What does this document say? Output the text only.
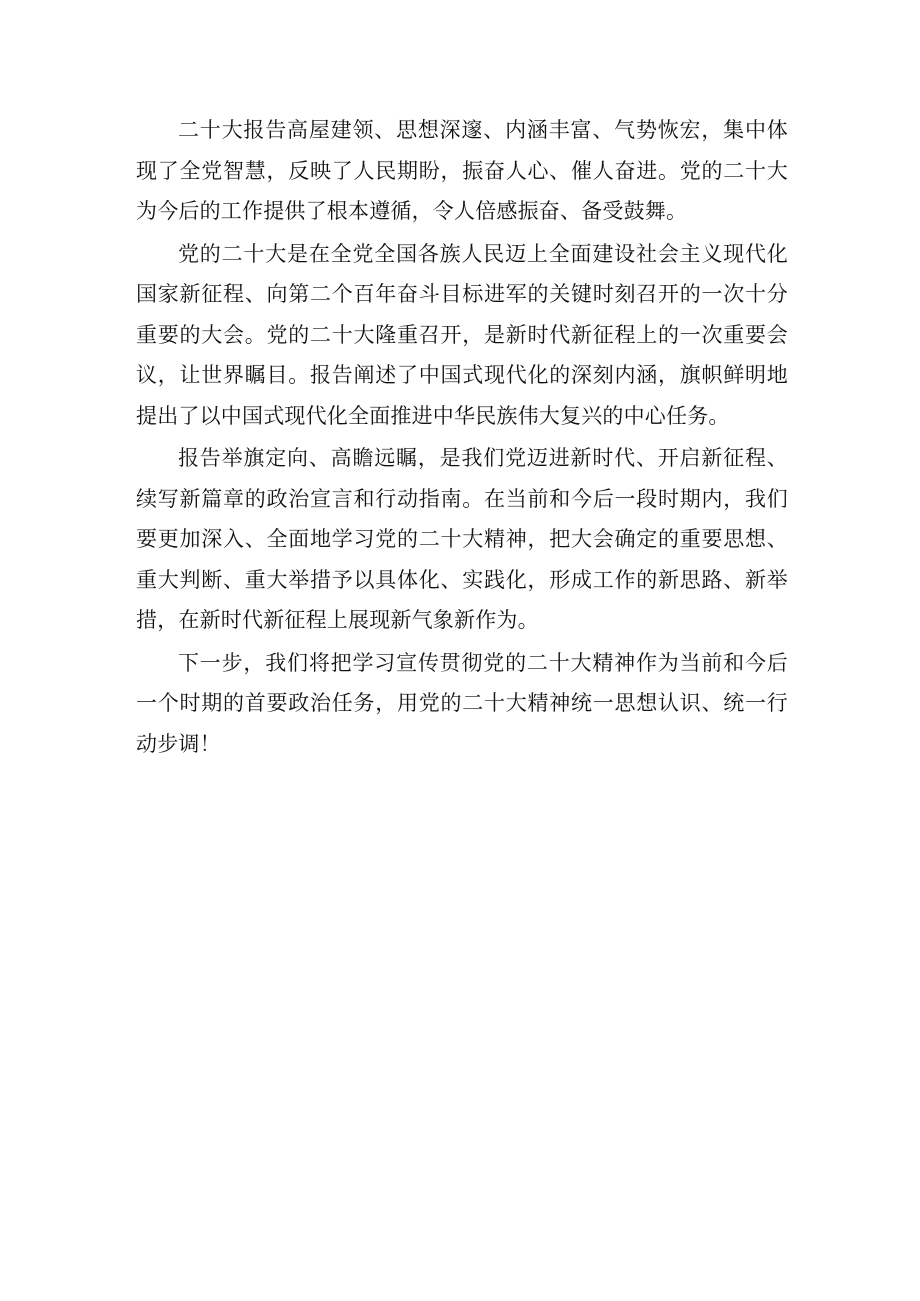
二十大报告高屋建领、思想深邃、内涵丰富、气势恢宏，集中体现了全党智慧，反映了人民期盼，振奋人心、催人奋进。党的二十大为今后的工作提供了根本遵循，令人倍感振奋、备受鼓舞。

党的二十大是在全党全国各族人民迈上全面建设社会主义现代化国家新征程、向第二个百年奋斗目标进军的关键时刻召开的一次十分重要的大会。党的二十大隆重召开，是新时代新征程上的一次重要会议，让世界瞩目。报告阐述了中国式现代化的深刻内涵，旗帜鲜明地提出了以中国式现代化全面推进中华民族伟大复兴的中心任务。

报告举旗定向、高瞻远瞩，是我们党迈进新时代、开启新征程、续写新篇章的政治宣言和行动指南。在当前和今后一段时期内，我们要更加深入、全面地学习党的二十大精神，把大会确定的重要思想、重大判断、重大举措予以具体化、实践化，形成工作的新思路、新举措，在新时代新征程上展现新气象新作为。

下一步，我们将把学习宣传贯彻党的二十大精神作为当前和今后一个时期的首要政治任务，用党的二十大精神统一思想认识、统一行动步调！
